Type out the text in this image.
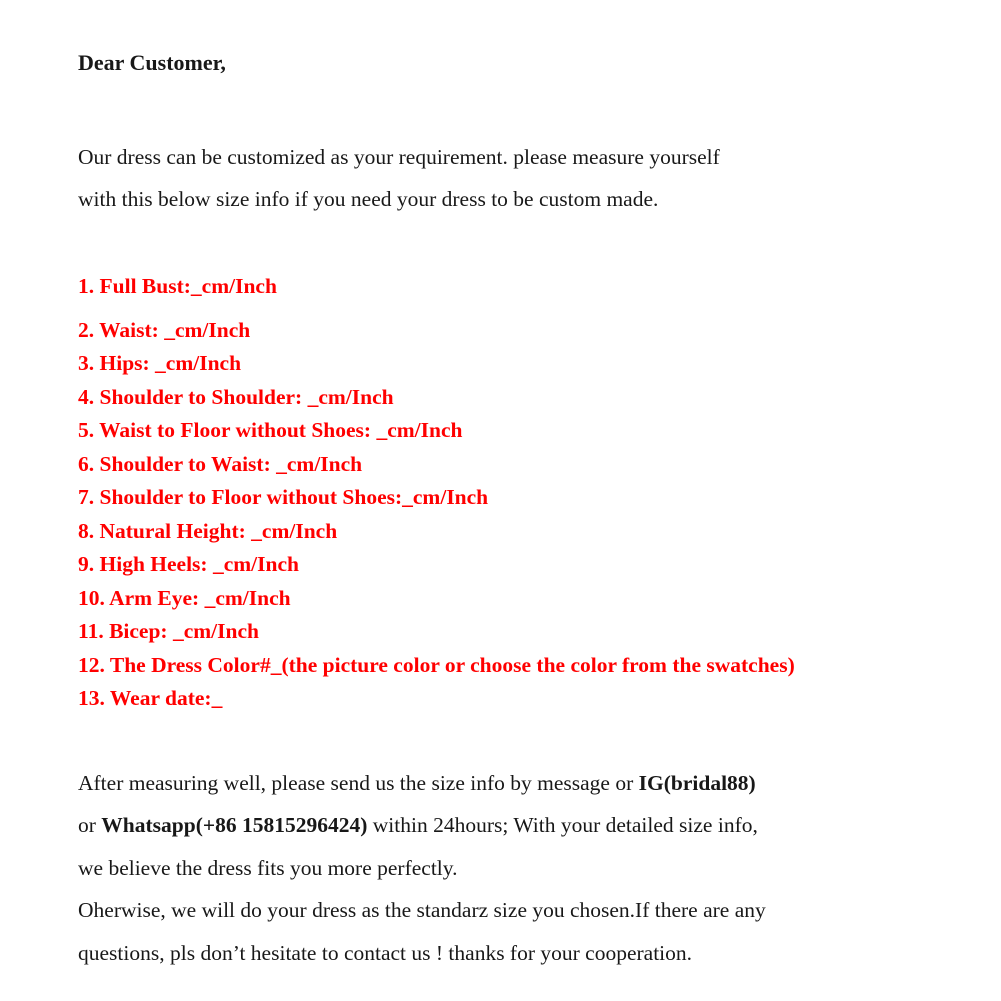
Dear Customer,

Our dress can be customized as your requirement. please measure yourself
with this below size info if you need your dress to be custom made.
1. Full Bust:_cm/Inch
2. Waist: _cm/Inch
3. Hips: _cm/Inch
4. Shoulder to Shoulder: _cm/Inch
5. Waist to Floor without Shoes: _cm/Inch
6. Shoulder to Waist: _cm/Inch
7. Shoulder to Floor without Shoes:_cm/Inch
8. Natural Height: _cm/Inch
9. High Heels: _cm/Inch
10. Arm Eye: _cm/Inch
11. Bicep: _cm/Inch
12. The Dress Color#_(the picture color or choose the color from the swatches)
13. Wear date:_
After measuring well, please send us the size info by message or IG(bridal88)
or Whatsapp(+86 15815296424) within 24hours; With your detailed size info,
we believe the dress fits you more perfectly.
Oherwise, we will do your dress as the standarz size you chosen.If there are any
questions, pls don’t hesitate to contact us ! thanks for your cooperation.
